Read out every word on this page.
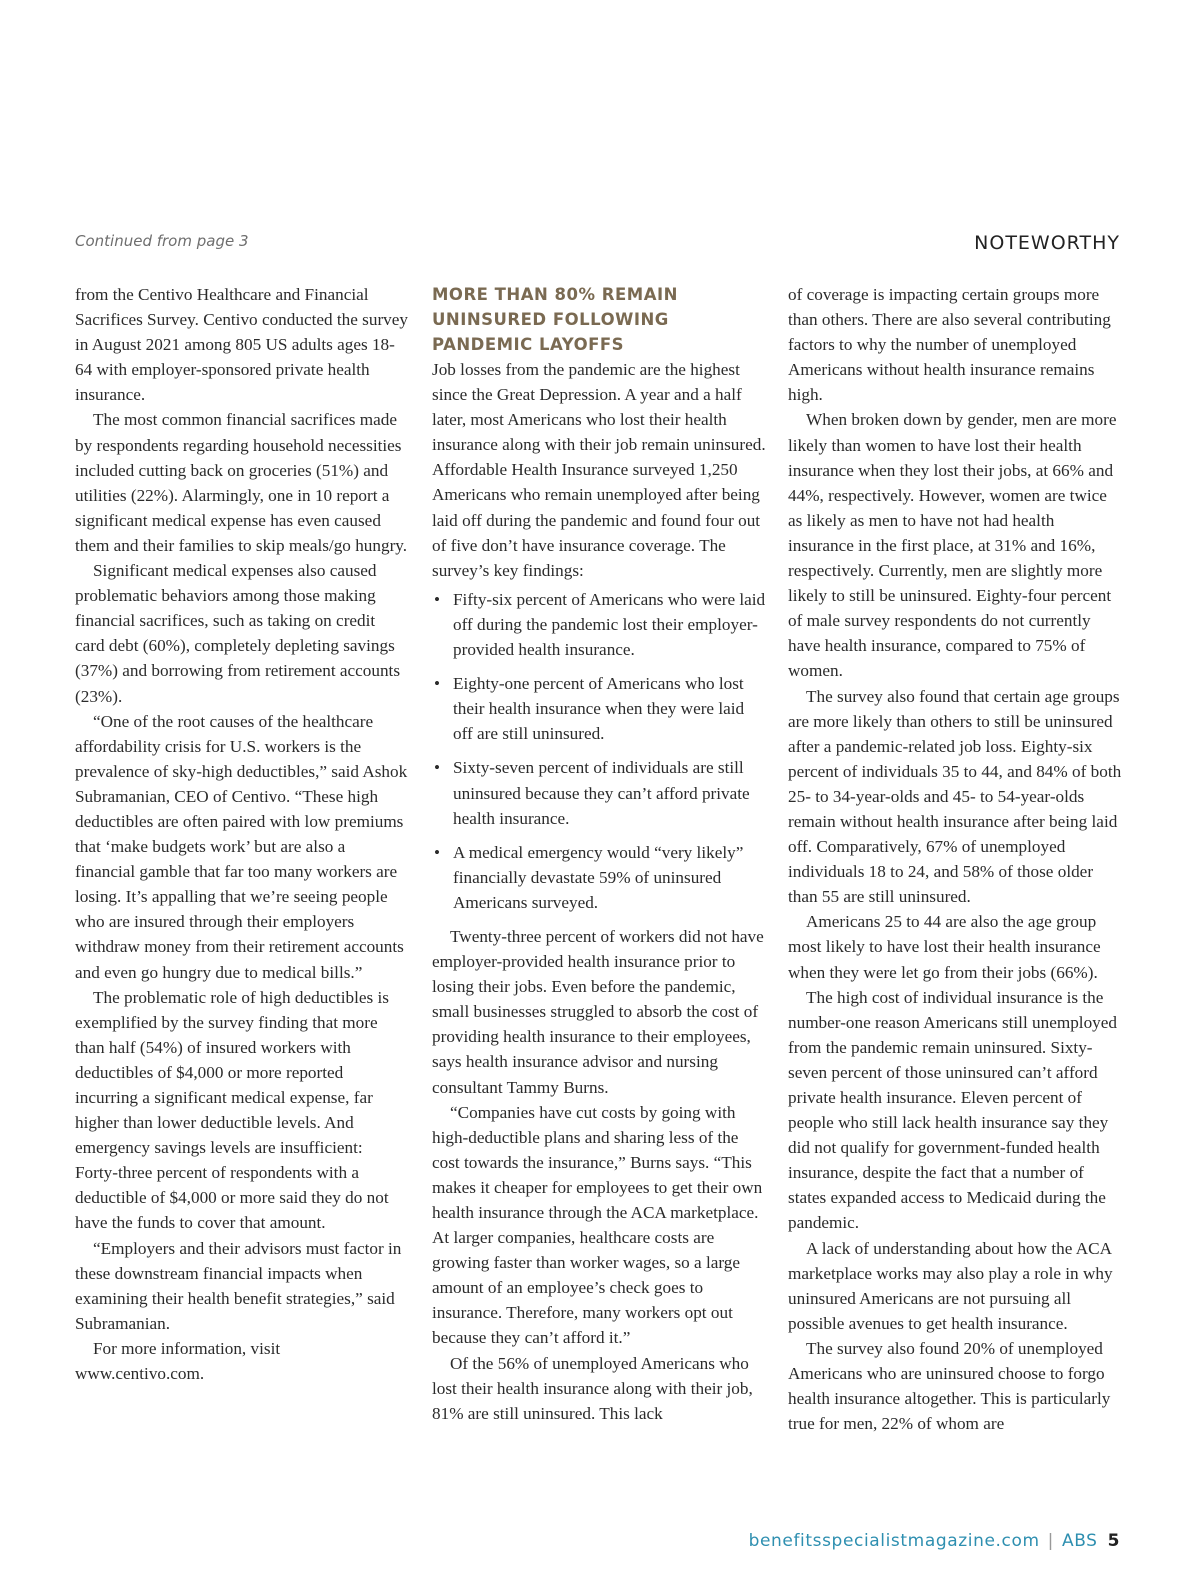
Continued from page 3	NOTEWORTHY

from the Centivo Healthcare and Financial Sacrifices Survey. Centivo conducted the survey in August 2021 among 805 US adults ages 18-64 with employer-sponsored private health insurance.

The most common financial sacrifices made by respondents regarding household necessities included cutting back on groceries (51%) and utilities (22%). Alarmingly, one in 10 report a significant medical expense has even caused them and their families to skip meals/go hungry.

Significant medical expenses also caused problematic behaviors among those making financial sacrifices, such as taking on credit card debt (60%), completely depleting savings (37%) and borrowing from retirement accounts (23%).

“One of the root causes of the healthcare affordability crisis for U.S. workers is the prevalence of sky-high deductibles,” said Ashok Subramanian, CEO of Centivo. “These high deductibles are often paired with low premiums that ‘make budgets work’ but are also a financial gamble that far too many workers are losing. It’s appalling that we’re seeing people who are insured through their employers withdraw money from their retirement accounts and even go hungry due to medical bills.”

The problematic role of high deductibles is exemplified by the survey finding that more than half (54%) of insured workers with deductibles of $4,000 or more reported incurring a significant medical expense, far higher than lower deductible levels. And emergency savings levels are insufficient: Forty-three percent of respondents with a deductible of $4,000 or more said they do not have the funds to cover that amount.

“Employers and their advisors must factor in these downstream financial impacts when examining their health benefit strategies,” said Subramanian.

For more information, visit www.centivo.com.

MORE THAN 80% REMAIN UNINSURED FOLLOWING PANDEMIC LAYOFFS

Job losses from the pandemic are the highest since the Great Depression. A year and a half later, most Americans who lost their health insurance along with their job remain uninsured. Affordable Health Insurance surveyed 1,250 Americans who remain unemployed after being laid off during the pandemic and found four out of five don’t have insurance coverage. The survey’s key findings:

• Fifty-six percent of Americans who were laid off during the pandemic lost their employer-provided health insurance.
• Eighty-one percent of Americans who lost their health insurance when they were laid off are still uninsured.
• Sixty-seven percent of individuals are still uninsured because they can’t afford private health insurance.
• A medical emergency would “very likely” financially devastate 59% of uninsured Americans surveyed.

Twenty-three percent of workers did not have employer-provided health insurance prior to losing their jobs. Even before the pandemic, small businesses struggled to absorb the cost of providing health insurance to their employees, says health insurance advisor and nursing consultant Tammy Burns.

“Companies have cut costs by going with high-deductible plans and sharing less of the cost towards the insurance,” Burns says. “This makes it cheaper for employees to get their own health insurance through the ACA marketplace. At larger companies, healthcare costs are growing faster than worker wages, so a large amount of an employee’s check goes to insurance. Therefore, many workers opt out because they can’t afford it.”

Of the 56% of unemployed Americans who lost their health insurance along with their job, 81% are still uninsured. This lack

of coverage is impacting certain groups more than others. There are also several contributing factors to why the number of unemployed Americans without health insurance remains high.

When broken down by gender, men are more likely than women to have lost their health insurance when they lost their jobs, at 66% and 44%, respectively. However, women are twice as likely as men to have not had health insurance in the first place, at 31% and 16%, respectively. Currently, men are slightly more likely to still be uninsured. Eighty-four percent of male survey respondents do not currently have health insurance, compared to 75% of women.

The survey also found that certain age groups are more likely than others to still be uninsured after a pandemic-related job loss. Eighty-six percent of individuals 35 to 44, and 84% of both 25- to 34-year-olds and 45- to 54-year-olds remain without health insurance after being laid off. Comparatively, 67% of unemployed individuals 18 to 24, and 58% of those older than 55 are still uninsured.

Americans 25 to 44 are also the age group most likely to have lost their health insurance when they were let go from their jobs (66%).

The high cost of individual insurance is the number-one reason Americans still unemployed from the pandemic remain uninsured. Sixty-seven percent of those uninsured can’t afford private health insurance. Eleven percent of people who still lack health insurance say they did not qualify for government-funded health insurance, despite the fact that a number of states expanded access to Medicaid during the pandemic.

A lack of understanding about how the ACA marketplace works may also play a role in why uninsured Americans are not pursuing all possible avenues to get health insurance.

The survey also found 20% of unemployed Americans who are uninsured choose to forgo health insurance altogether. This is particularly true for men, 22% of whom are

benefitsspecialistmagazine.com | ABS 5
